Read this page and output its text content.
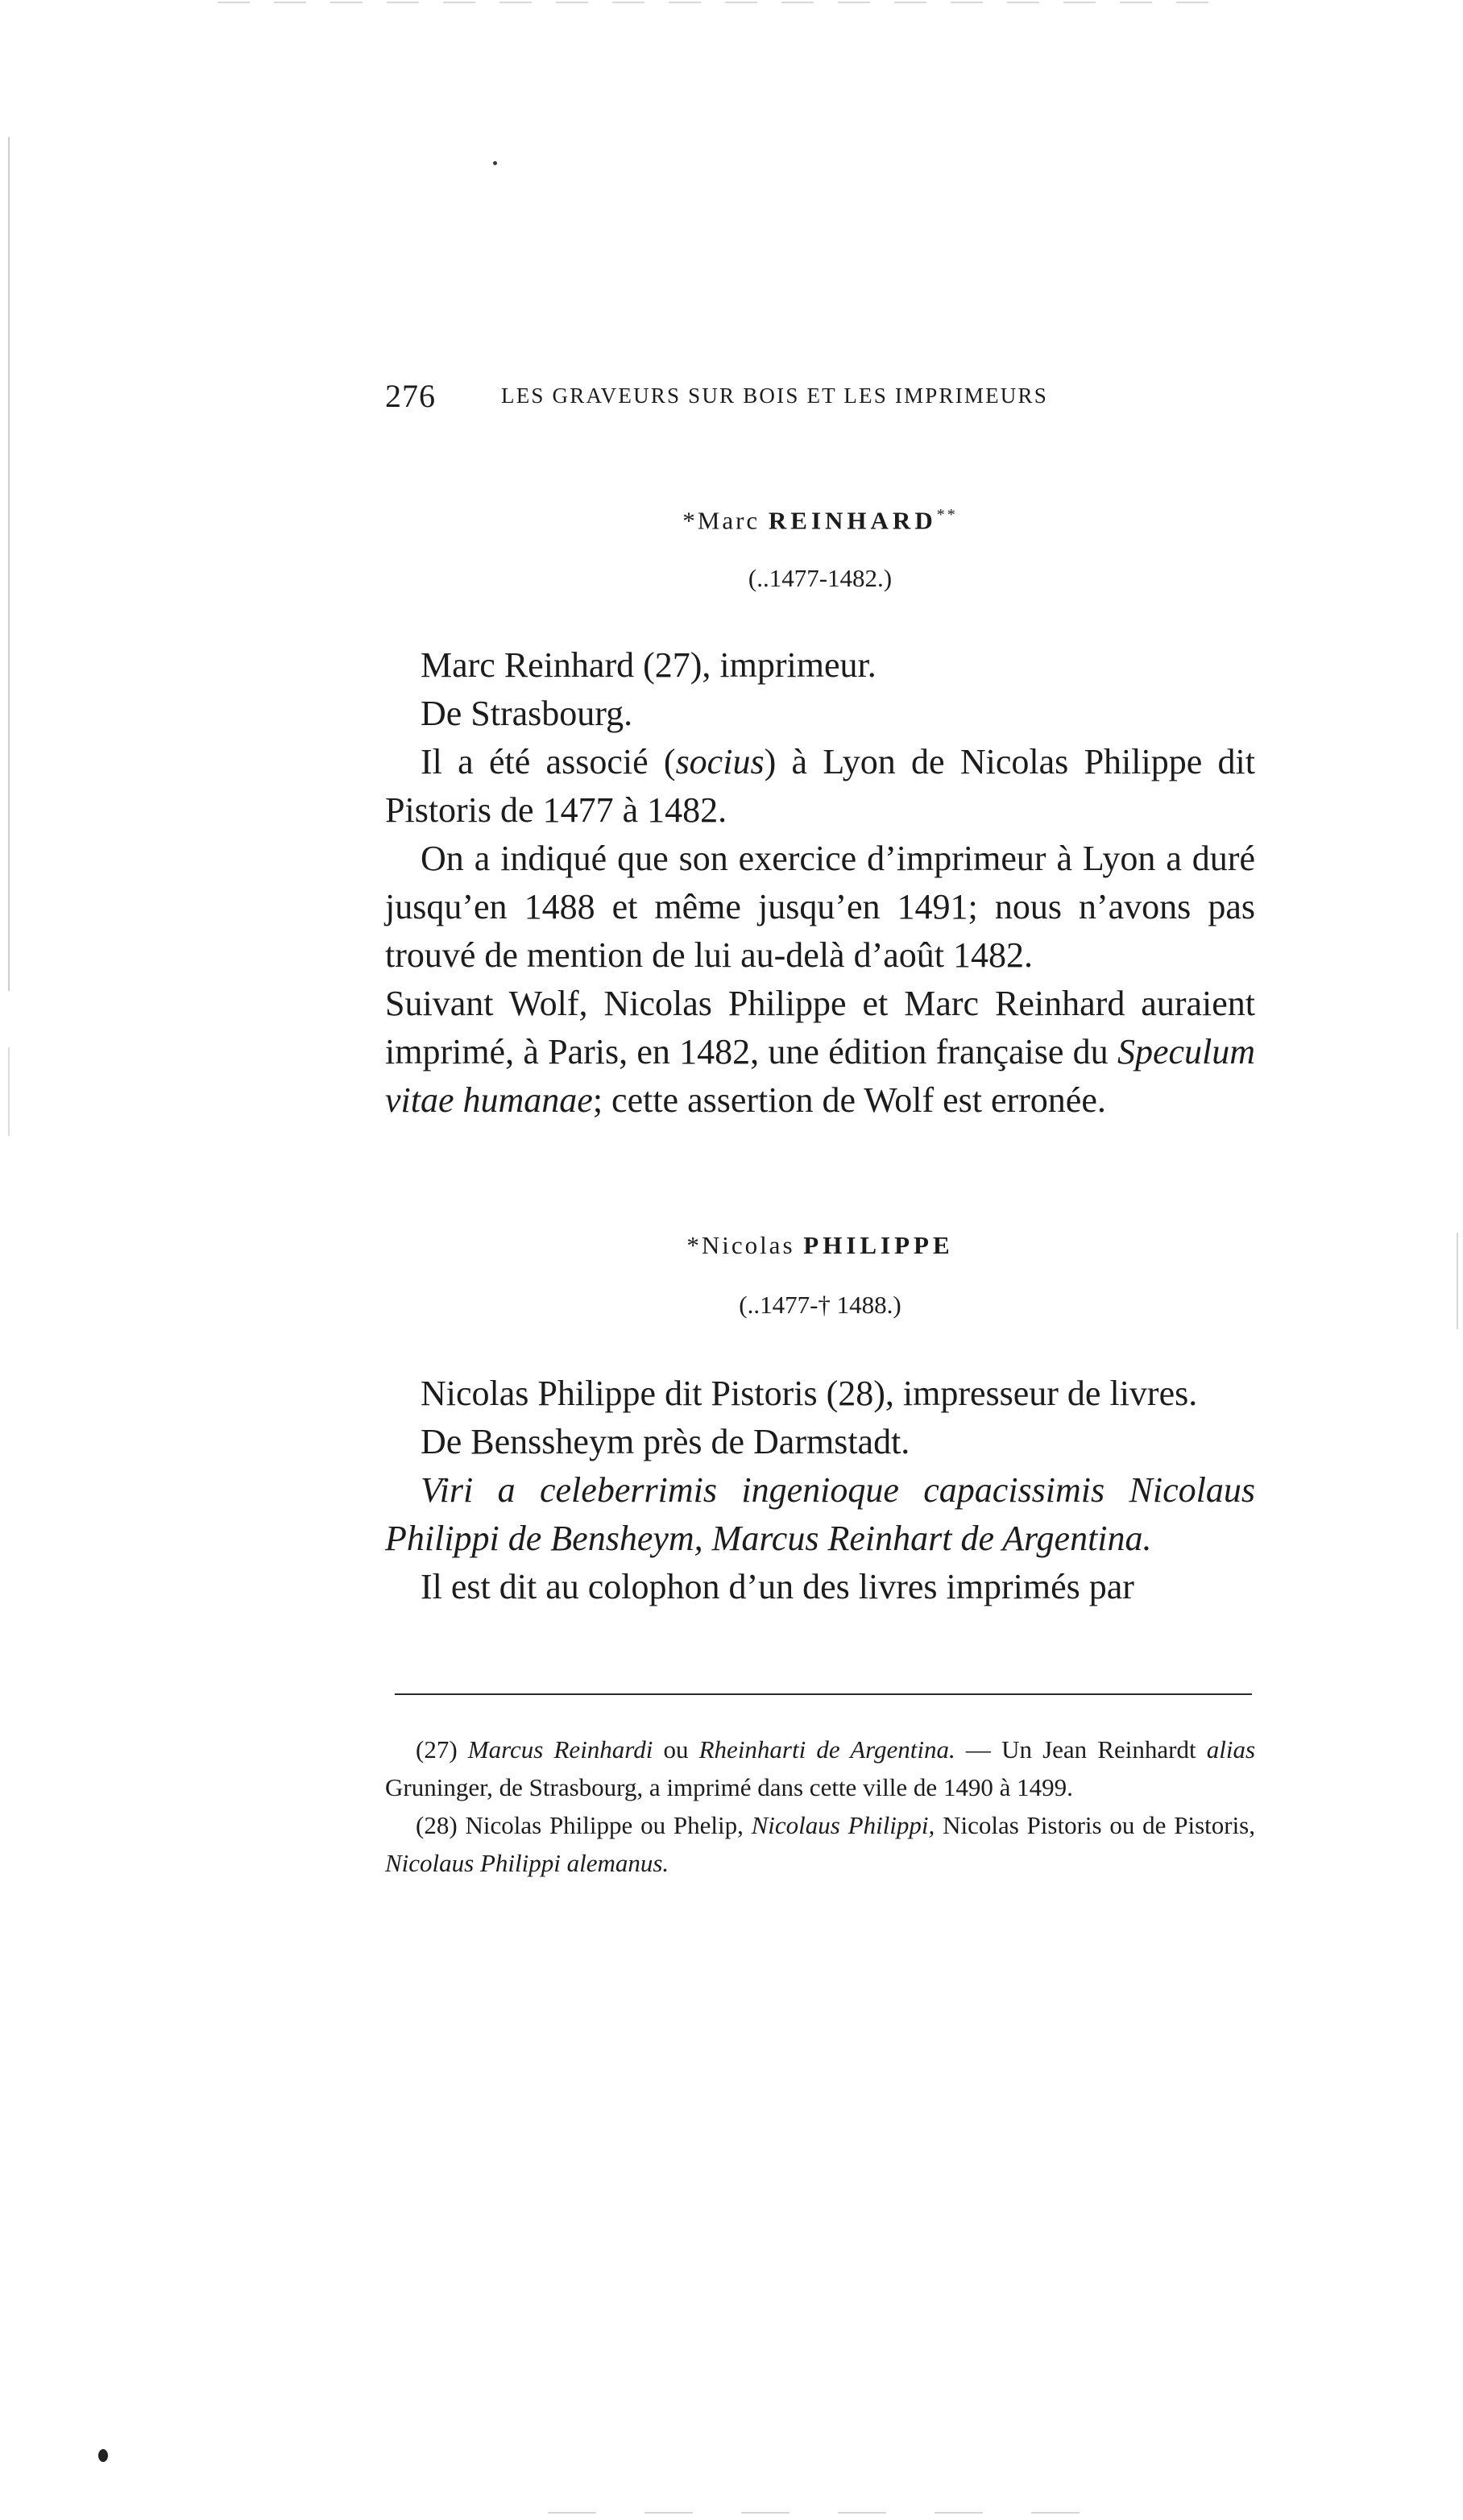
276	LES GRAVEURS SUR BOIS ET LES IMPRIMEURS
*Marc REINHARD**
(..1477-1482.)

Marc Reinhard (27), imprimeur.

De Strasbourg.

Il a été associé (socius) à Lyon de Nicolas Philippe dit Pistoris de 1477 à 1482.

On a indiqué que son exercice d’imprimeur à Lyon a duré jusqu’en 1488 et même jusqu’en 1491; nous n’avons pas trouvé de mention de lui au-delà d’août 1482.

Suivant Wolf, Nicolas Philippe et Marc Reinhard auraient imprimé, à Paris, en 1482, une édition française du Speculum vitae humanae; cette assertion de Wolf est erronée.

*Nicolas PHILIPPE
(..1477-† 1488.)

Nicolas Philippe dit Pistoris (28), impresseur de livres.

De Benssheym près de Darmstadt.

Viri a celeberrimis ingenioque capacissimis Nicolaus Philippi de Bensheym, Marcus Reinhart de Argentina.

Il est dit au colophon d’un des livres imprimés par

(27) Marcus Reinhardi ou Rheinharti de Argentina. — Un Jean Reinhardt alias Gruninger, de Strasbourg, a imprimé dans cette ville de 1490 à 1499.

(28) Nicolas Philippe ou Phelip, Nicolaus Philippi, Nicolas Pistoris ou de Pistoris, Nicolaus Philippi alemanus.
